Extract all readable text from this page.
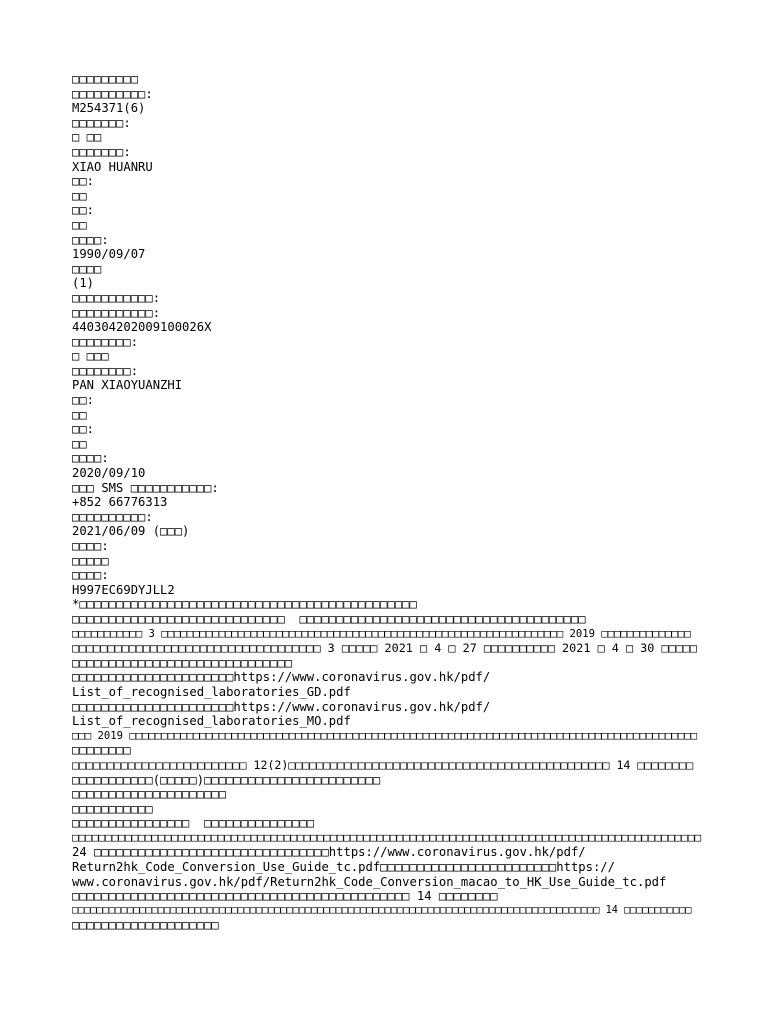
□□□□□□□□□
□□□□□□□□□□:
M254371(6)
□□□□□□□:
□ □□
□□□□□□□:
XIAO HUANRU
□□:
□□
□□:
□□
□□□□:
1990/09/07
□□□□
(1)
□□□□□□□□□□□:
□□□□□□□□□□□:
440304202009100026X
□□□□□□□□:
□ □□□
□□□□□□□□:
PAN XIAOYUANZHI
□□:
□□
□□:
□□
□□□□:
2020/09/10
□□□ SMS □□□□□□□□□□□:
+852 66776313
□□□□□□□□□□:
2021/06/09 (□□□)
□□□□:
□□□□□
□□□□:
H997EC69DYJLL2
*□□□□□□□□□□□□□□□□□□□□□□□□□□□□□□□□□□□□□□□□□□□□□□
□□□□□□□□□□□□□□□□□□□□□□□□□□□□□  □□□□□□□□□□□□□□□□□□□□□□□□□□□□□□□□□□□□□□□
□□□□□□□□□□□ 3 □□□□□□□□□□□□□□□□□□□□□□□□□□□□□□□□□□□□□□□□□□□□□□□□□□□□□□□□□□□□□□□ 2019 □□□□□□□□□□□□□□
□□□□□□□□□□□□□□□□□□□□□□□□□□□□□□□□□□□ 3 □□□□□ 2021 □ 4 □ 27 □□□□□□□□□□ 2021 □ 4 □ 30 □□□□□
□□□□□□□□□□□□□□□□□□□□□□□□□□□□□□
□□□□□□□□□□□□□□□□□□□□□□https://www.coronavirus.gov.hk/pdf/
List_of_recognised_laboratories_GD.pdf
□□□□□□□□□□□□□□□□□□□□□□https://www.coronavirus.gov.hk/pdf/
List_of_recognised_laboratories_MO.pdf
□□□ 2019 □□□□□□□□□□□□□□□□□□□□□□□□□□□□□□□□□□□□□□□□□□□□□□□□□□□□□□□□□□□□□□□□□□□□□□□□□□□□□□□□□□□□□□□□□
□□□□□□□□
□□□□□□□□□□□□□□□□□□□□□□□□□ 12(2)□□□□□□□□□□□□□□□□□□□□□□□□□□□□□□□□□□□□□□□□□□□□□□ 14 □□□□□□□□
□□□□□□□□□□□(□□□□□)□□□□□□□□□□□□□□□□□□□□□□□□
□□□□□□□□□□□□□□□□□□□□□
□□□□□□□□□□□
□□□□□□□□□□□□□□□□  □□□□□□□□□□□□□□□
□□□□□□□□□□□□□□□□□□□□□□□□□□□□□□□□□□□□□□□□□□□□□□□□□□□□□□□□□□□□□□□□□□□□□□□□□□□□□□□□□□□□□□□□□□□□□□□
24 □□□□□□□□□□□□□□□□□□□□□□□□□□□□□□□□https://www.coronavirus.gov.hk/pdf/
Return2hk_Code_Conversion_Use_Guide_tc.pdf□□□□□□□□□□□□□□□□□□□□□□□□https://
www.coronavirus.gov.hk/pdf/Return2hk_Code_Conversion_macao_to_HK_Use_Guide_tc.pdf
□□□□□□□□□□□□□□□□□□□□□□□□□□□□□□□□□□□□□□□□□□□□□□ 14 □□□□□□□□
□□□□□□□□□□□□□□□□□□□□□□□□□□□□□□□□□□□□□□□□□□□□□□□□□□□□□□□□□□□□□□□□□□□□□□□□□□□□□□□□□□□□□□ 14 □□□□□□□□□□□
□□□□□□□□□□□□□□□□□□□□
